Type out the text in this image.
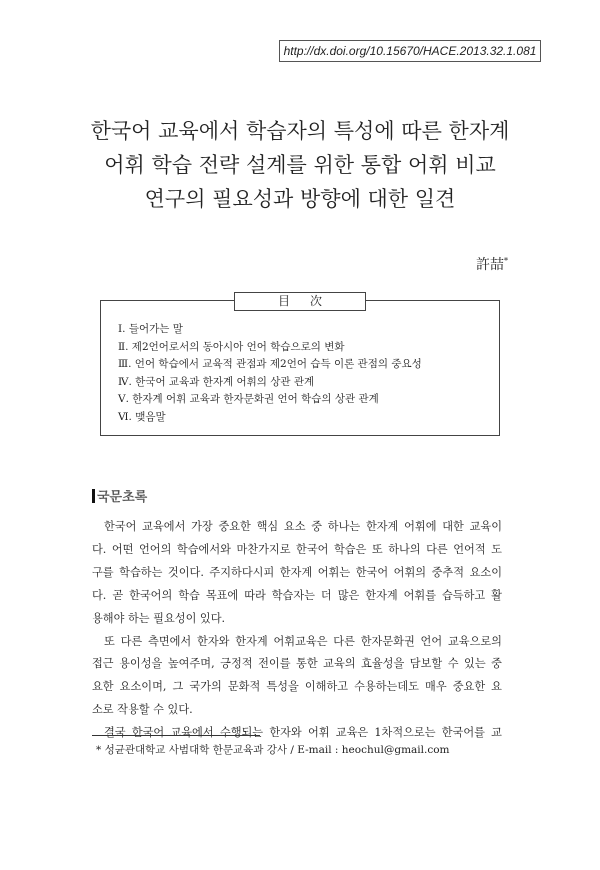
http://dx.doi.org/10.15670/HACE.2013.32.1.081
한국어 교육에서 학습자의 특성에 따른 한자계
어휘 학습 전략 설계를 위한 통합 어휘 비교
연구의 필요성과 방향에 대한 일견
許喆*
目次
Ⅰ. 들어가는 말
Ⅱ. 제2언어로서의 동아시아 언어 학습으로의 변화
Ⅲ. 언어 학습에서 교육적 관점과 제2언어 습득 이론 관점의 중요성
Ⅳ. 한국어 교육과 한자계 어휘의 상관 관계
Ⅴ. 한자계 어휘 교육과 한자문화권 언어 학습의 상관 관계
Ⅵ. 맺음말
국문초록
한국어 교육에서 가장 중요한 핵심 요소 중 하나는 한자계 어휘에 대한 교육이
다. 어떤 언어의 학습에서와 마찬가지로 한국어 학습은 또 하나의 다른 언어적 도
구를 학습하는 것이다. 주지하다시피 한자계 어휘는 한국어 어휘의 중추적 요소이
다. 곧 한국어의 학습 목표에 따라 학습자는 더 많은 한자계 어휘를 습득하고 활
용해야 하는 필요성이 있다.
또 다른 측면에서 한자와 한자계 어휘교육은 다른 한자문화권 언어 교육으로의
접근 용이성을 높여주며, 긍정적 전이를 통한 교육의 효율성을 담보할 수 있는 중
요한 요소이며, 그 국가의 문화적 특성을 이해하고 수용하는데도 매우 중요한 요
소로 작용할 수 있다.
결국 한국어 교육에서 수행되는 한자와 어휘 교육은 1차적으로는 한국어를 교
* 성균관대학교 사범대학 한문교육과 강사 / E-mail : heochul@gmail.com
